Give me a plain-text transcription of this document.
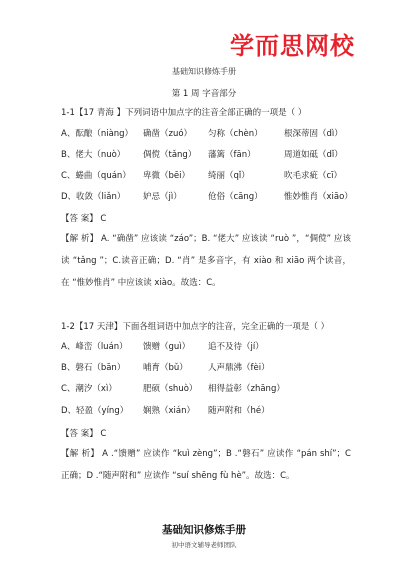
学而思网校
基础知识修炼手册
第 1 周 字音部分
1-1【17 青海 】下列词语中加点字的注音全部正确的一项是（ ）
A、酝酿（niàng） 确凿（zuó） 匀称（chèn）	根深蒂固（dì）
B、佬大（nuò） 倜傥（tǎng） 藩篱（fān）	周道如砥（dǐ）
C、蜷曲（quán） 卑微（bēi） 绮丽（qǐ）	吹毛求疵（cī）
D、收敛（liǎn） 妒忌（jì）	伧俗（cāng）	惟妙惟肖（xiāo）
【答 案】 C
【解 析】 A. “确凿” 应该读 “záo”；B. “佬大” 应该读 “ruò ”，“倜傥” 应该读 “tǎng ”；C.读音正确；D. “肖” 是多音字，有 xiào 和 xiāo 两个读音，在 “惟妙惟肖” 中应该读 xiào。故选：C。
1-2【17 天津】下面各组词语中加点字的注音，完全正确的一项是（ ）
A、峰峦（luán） 馈赠（guì） 追不及待（jí）
B、磐石（bān） 哺育（bǔ） 人声鼎沸（fèi）
C、潮汐（xì）	肥硕（shuò） 相得益彰（zhāng）
D、轻盈（yíng） 娴熟（xián） 随声附和（hé）
【答 案】 C
【解 析】 A .“馈赠” 应读作 “kuì zèng”；B .“磐石” 应读作 “pán shí”；C 正确；D .“随声附和” 应读作 “suí shēng fù hè”。故选：C。
基础知识修炼手册
初中语文辅导老师团队
